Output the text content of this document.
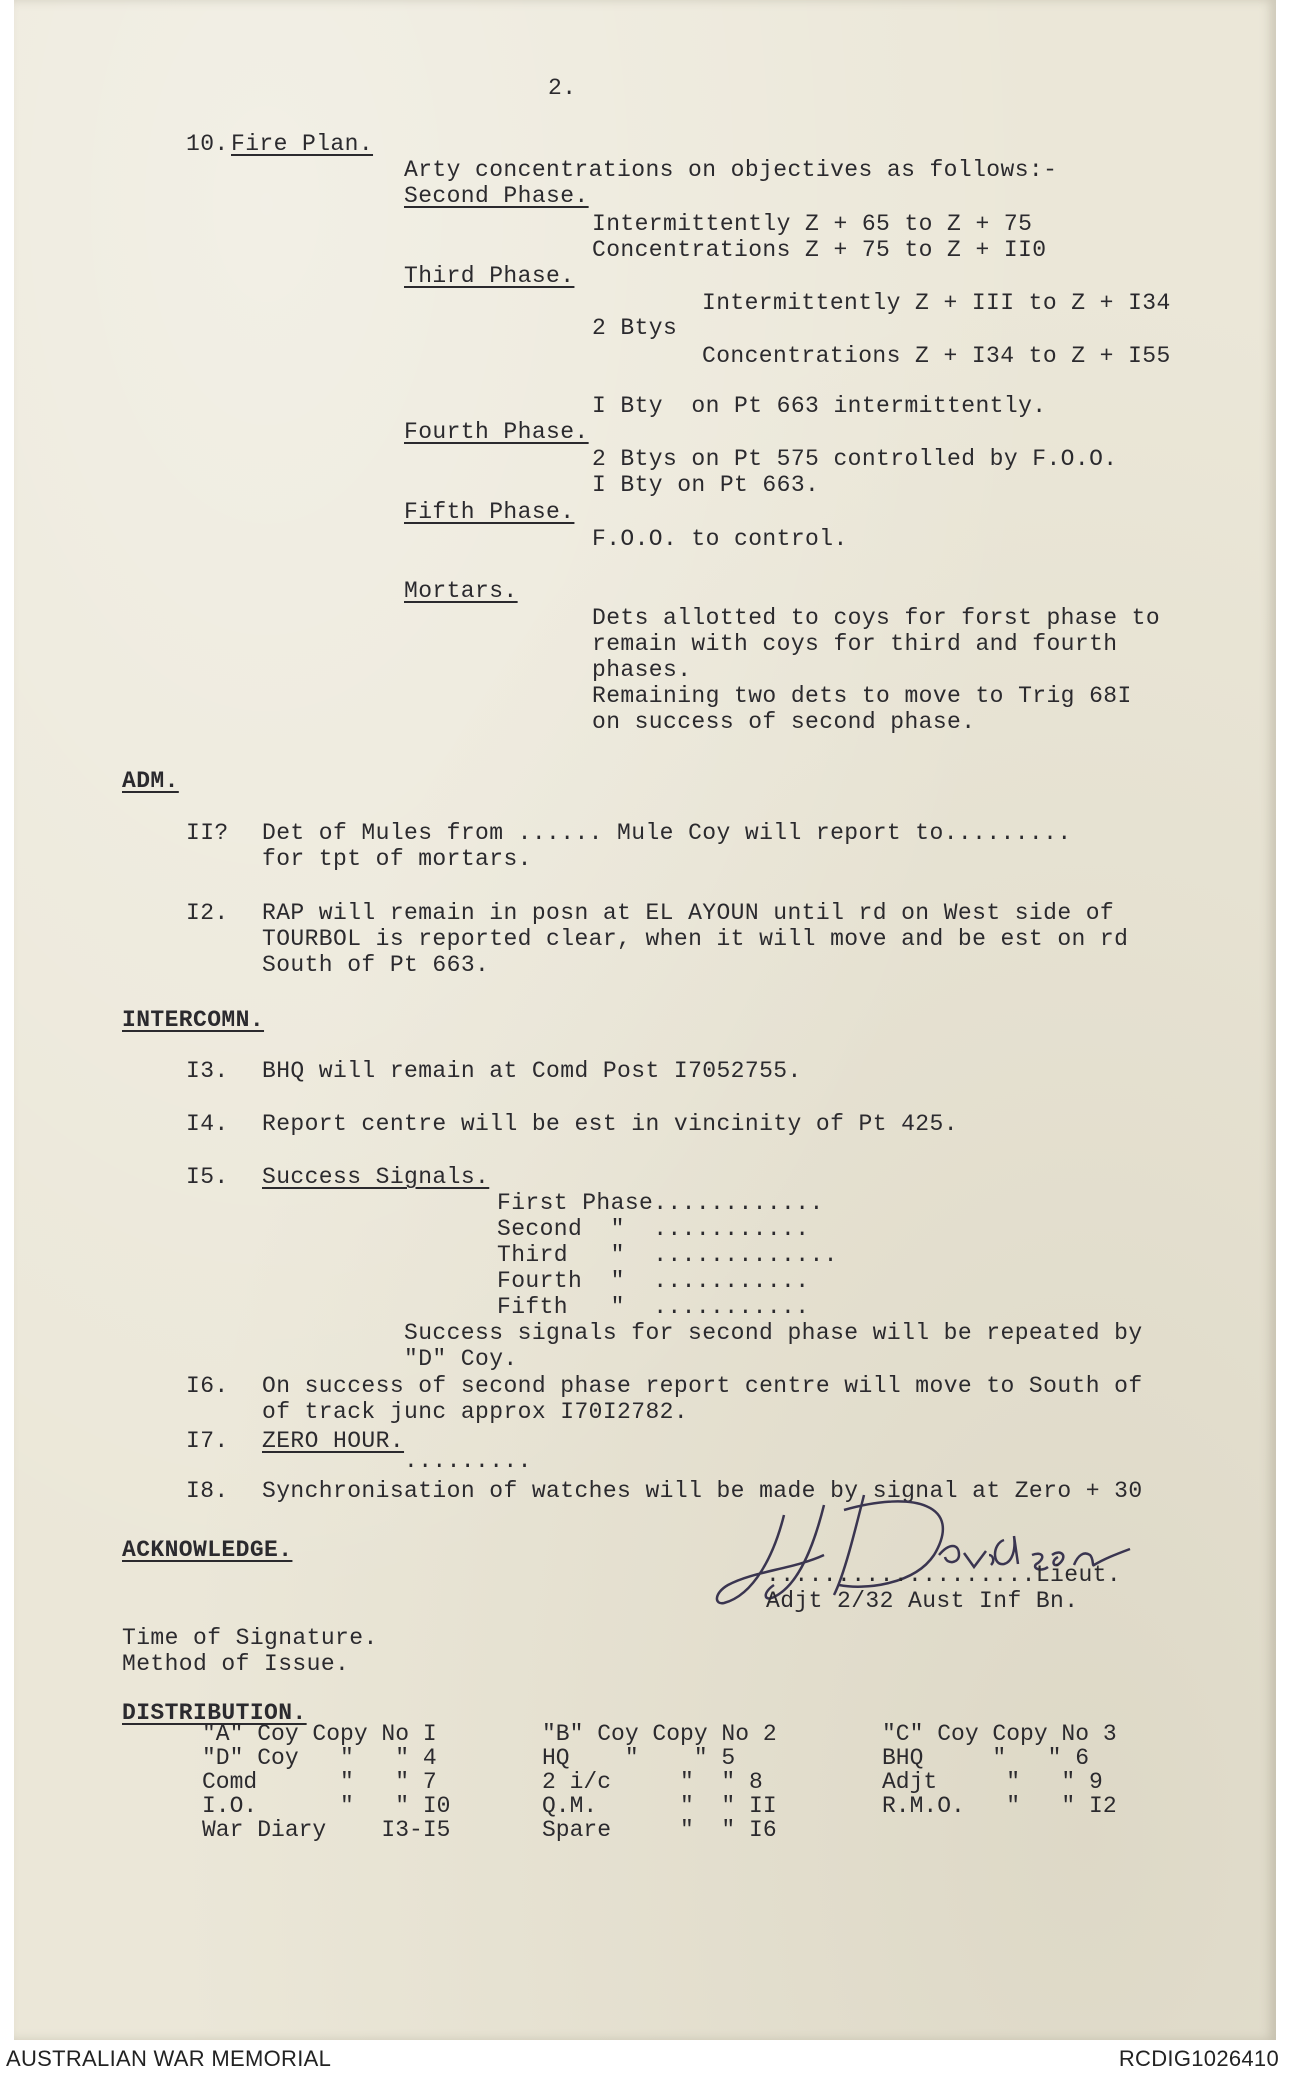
2.
10. Fire Plan.
Arty concentrations on objectives as follows:-
Second Phase.
Intermittently Z + 65 to Z + 75
Concentrations Z + 75 to Z + II0
Third Phase.
Intermittently Z + III to Z + I34
2 Btys
Concentrations Z + I34 to Z + I55
I Bty  on Pt 663 intermittently.
Fourth Phase.
2 Btys on Pt 575 controlled by F.O.O.
I Bty on Pt 663.
Fifth Phase.
F.O.O. to control.
Mortars.
Dets allotted to coys for forst phase to
remain with coys for third and fourth
phases.
Remaining two dets to move to Trig 68I
on success of second phase.
ADM.
II? Det of Mules from ...... Mule Coy will report to.........
for tpt of mortars.
I2. RAP will remain in posn at EL AYOUN until rd on West side of
TOURBOL is reported clear, when it will move and be est on rd
South of Pt 663.
INTERCOMN.
I3. BHQ will remain at Comd Post I7052755.
I4. Report centre will be est in vincinity of Pt 425.
I5. Success Signals.
First Phase............
Second  "  ...........
Third   "  .............
Fourth  "  ...........
Fifth   "  ...........
Success signals for second phase will be repeated by
"D" Coy.
I6. On success of second phase report centre will move to South of
of track junc approx I70I2782.
I7. ZERO HOUR.
.........
I8. Synchronisation of watches will be made by signal at Zero + 30
ACKNOWLEDGE.
...................Lieut.
Adjt 2/32 Aust Inf Bn.
Time of Signature.
Method of Issue.
DISTRIBUTION.
"A" Coy Copy No I	"B" Coy Copy No 2	"C" Coy Copy No 3
"D" Coy   "   " 4	HQ    "    " 5	BHQ     "   " 6
Comd      "   " 7	2 i/c     "  " 8	Adjt     "   " 9
I.O.      "   " I0	Q.M.      "  " II	R.M.O.   "   " I2
War Diary    I3-I5	Spare     "  " I6	
AUSTRALIAN WAR MEMORIAL	RCDIG1026410
